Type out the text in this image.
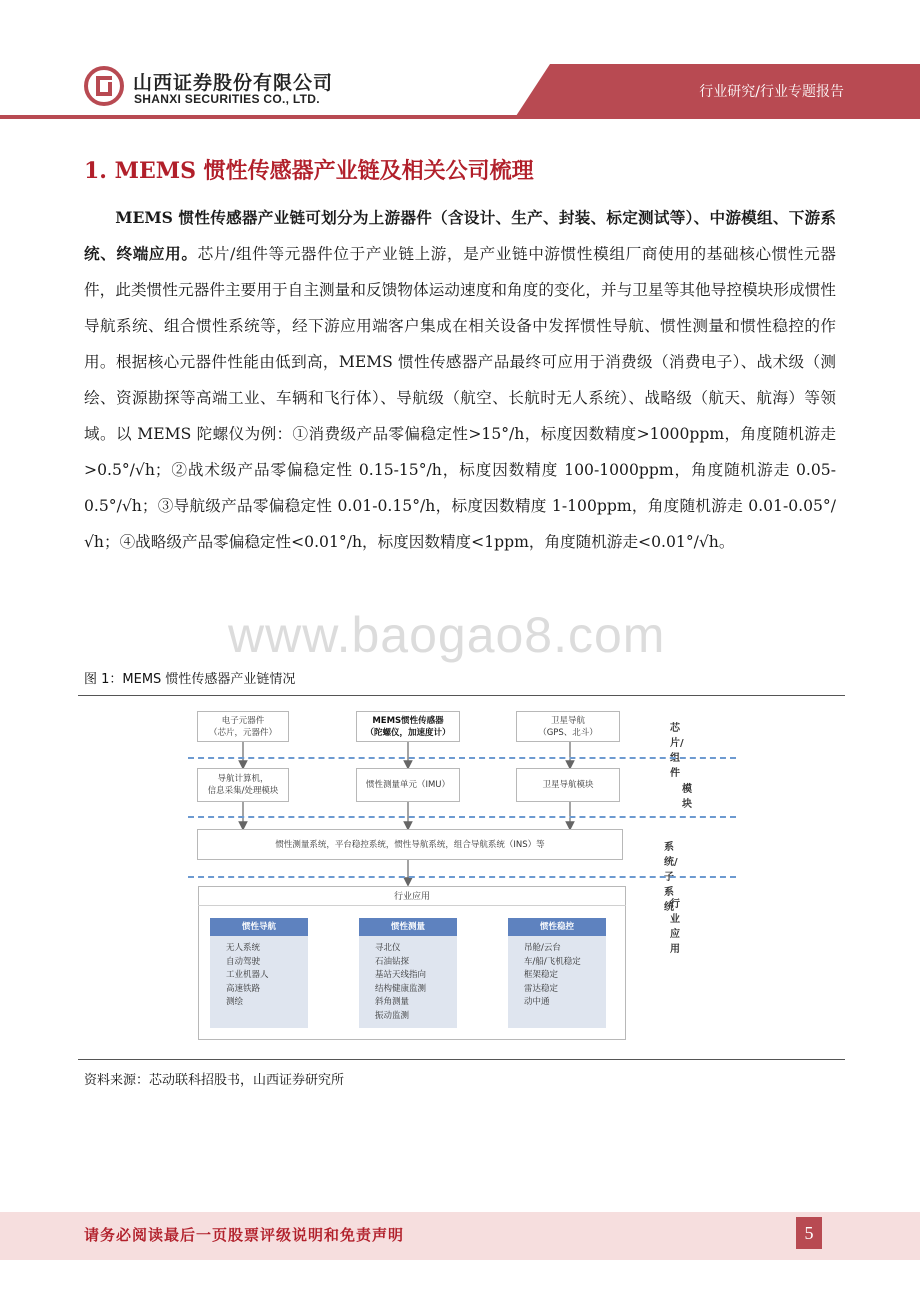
山西证券股份有限公司
SHANXI SECURITIES CO., LTD.	行业研究/行业专题报告
1. MEMS 惯性传感器产业链及相关公司梳理
MEMS 惯性传感器产业链可划分为上游器件（含设计、生产、封装、标定测试等）、中游模组、下游系统、终端应用。芯片/组件等元器件位于产业链上游，是产业链中游惯性模组厂商使用的基础核心惯性元器件，此类惯性元器件主要用于自主测量和反馈物体运动速度和角度的变化，并与卫星等其他导控模块形成惯性导航系统、组合惯性系统等，经下游应用端客户集成在相关设备中发挥惯性导航、惯性测量和惯性稳控的作用。根据核心元器件性能由低到高，MEMS 惯性传感器产品最终可应用于消费级（消费电子）、战术级（测绘、资源勘探等高端工业、车辆和飞行体）、导航级（航空、长航时无人系统）、战略级（航天、航海）等领域。以 MEMS 陀螺仪为例：①消费级产品零偏稳定性>15°/h，标度因数精度>1000ppm，角度随机游走>0.5°/√h；②战术级产品零偏稳定性 0.15-15°/h，标度因数精度 100-1000ppm，角度随机游走 0.05-0.5°/√h；③导航级产品零偏稳定性 0.01-0.15°/h，标度因数精度 1-100ppm，角度随机游走 0.01-0.05°/√h；④战略级产品零偏稳定性<0.01°/h，标度因数精度<1ppm，角度随机游走<0.01°/√h。
www.baogao8.com
图 1：MEMS 惯性传感器产业链情况
电子元器件
（芯片，元器件）
MEMS惯性传感器
（陀螺仪，加速度计）
卫星导航
（GPS、北斗）	芯片/组件
导航计算机，
信息采集/处理模块
惯性测量单元（IMU）	卫星导航模块	模块
惯性测量系统，平台稳控系统，惯性导航系统，组合导航系统（INS）等	系统/子系统
行业应用
行业应用
惯性导航
无人系统
自动驾驶
工业机器人
高速铁路
测绘
惯性测量
寻北仪
石油钻探
基站天线指向
结构健康监测
斜角测量
振动监测
惯性稳控
吊舱/云台
车/船/飞机稳定
框架稳定
雷达稳定
动中通
资料来源：芯动联科招股书，山西证券研究所
请务必阅读最后一页股票评级说明和免责声明	5
